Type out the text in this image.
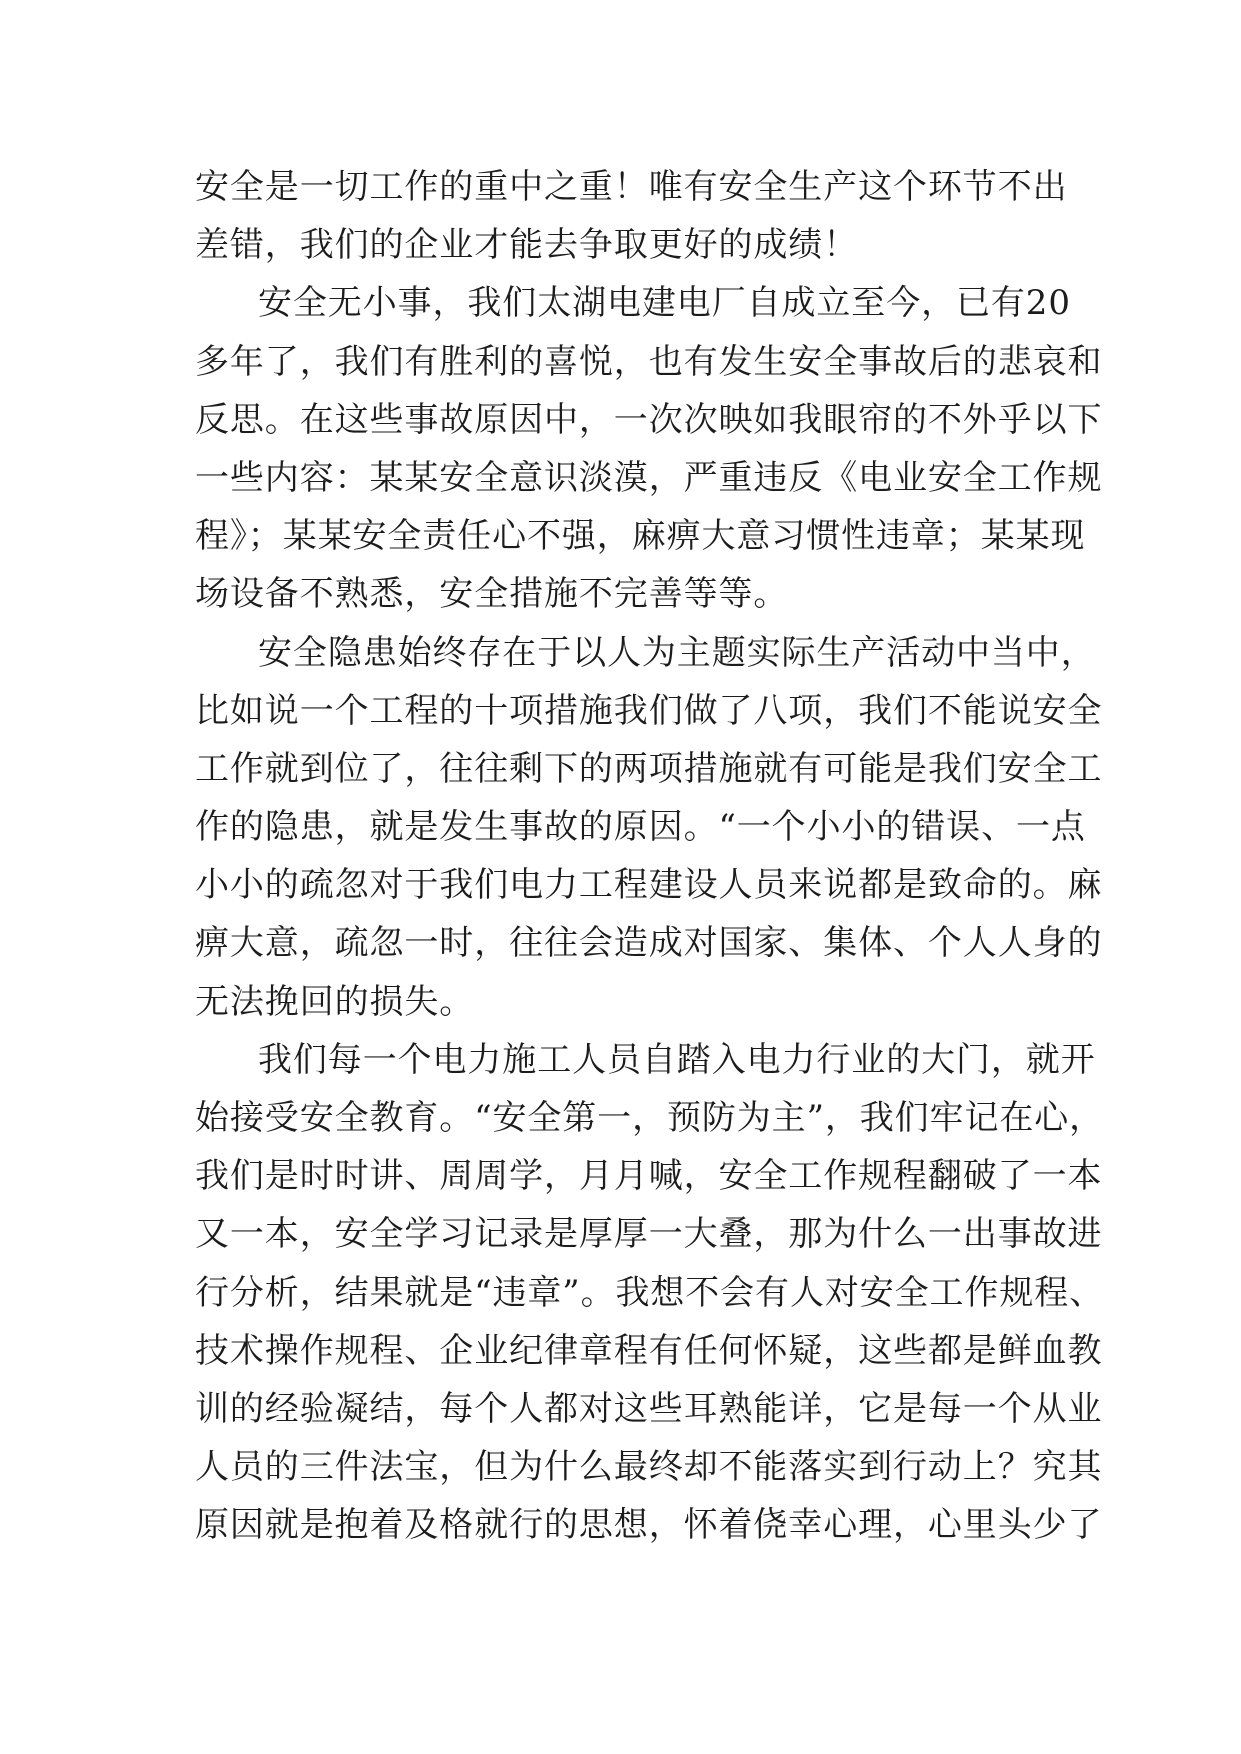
安全是一切工作的重中之重！唯有安全生产这个环节不出
差错，我们的企业才能去争取更好的成绩！
安全无小事，我们太湖电建电厂自成立至今，已有20
多年了，我们有胜利的喜悦，也有发生安全事故后的悲哀和
反思。在这些事故原因中，一次次映如我眼帘的不外乎以下
一些内容：某某安全意识淡漠，严重违反《电业安全工作规
程》；某某安全责任心不强，麻痹大意习惯性违章；某某现
场设备不熟悉，安全措施不完善等等。
安全隐患始终存在于以人为主题实际生产活动中当中，
比如说一个工程的十项措施我们做了八项，我们不能说安全
工作就到位了，往往剩下的两项措施就有可能是我们安全工
作的隐患，就是发生事故的原因。“一个小小的错误、一点
小小的疏忽对于我们电力工程建设人员来说都是致命的。麻
痹大意，疏忽一时，往往会造成对国家、集体、个人人身的
无法挽回的损失。
我们每一个电力施工人员自踏入电力行业的大门，就开
始接受安全教育。“安全第一，预防为主”，我们牢记在心，
我们是时时讲、周周学，月月喊，安全工作规程翻破了一本
又一本，安全学习记录是厚厚一大叠，那为什么一出事故进
行分析，结果就是“违章”。我想不会有人对安全工作规程、
技术操作规程、企业纪律章程有任何怀疑，这些都是鲜血教
训的经验凝结，每个人都对这些耳熟能详，它是每一个从业
人员的三件法宝，但为什么最终却不能落实到行动上？究其
原因就是抱着及格就行的思想，怀着侥幸心理，心里头少了
